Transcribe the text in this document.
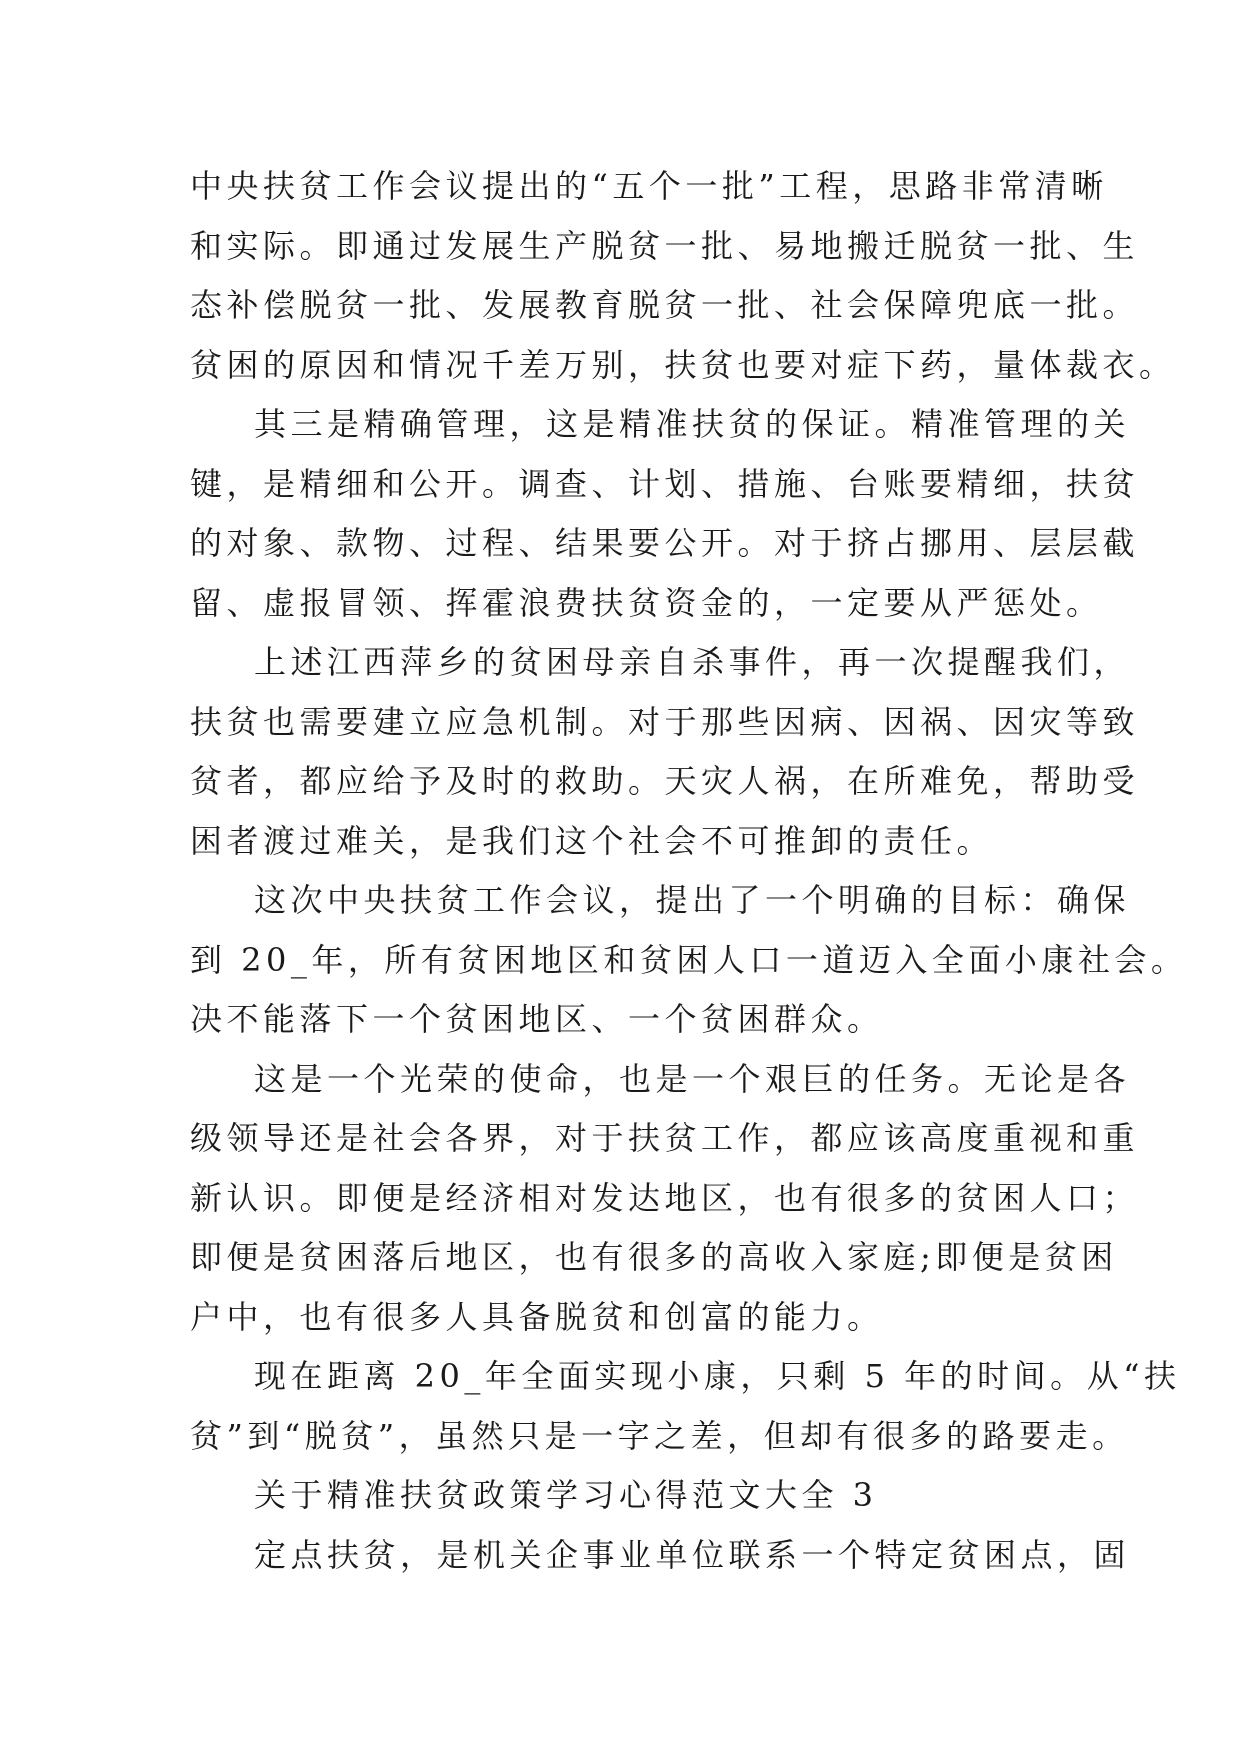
中央扶贫工作会议提出的“五个一批”工程，思路非常清晰
和实际。即通过发展生产脱贫一批、易地搬迁脱贫一批、生
态补偿脱贫一批、发展教育脱贫一批、社会保障兜底一批。
贫困的原因和情况千差万别，扶贫也要对症下药，量体裁衣。
其三是精确管理，这是精准扶贫的保证。精准管理的关
键，是精细和公开。调查、计划、措施、台账要精细，扶贫
的对象、款物、过程、结果要公开。对于挤占挪用、层层截
留、虚报冒领、挥霍浪费扶贫资金的，一定要从严惩处。
上述江西萍乡的贫困母亲自杀事件，再一次提醒我们，
扶贫也需要建立应急机制。对于那些因病、因祸、因灾等致
贫者，都应给予及时的救助。天灾人祸，在所难免，帮助受
困者渡过难关，是我们这个社会不可推卸的责任。
这次中央扶贫工作会议，提出了一个明确的目标：确保
到 20_年，所有贫困地区和贫困人口一道迈入全面小康社会。
决不能落下一个贫困地区、一个贫困群众。
这是一个光荣的使命，也是一个艰巨的任务。无论是各
级领导还是社会各界，对于扶贫工作，都应该高度重视和重
新认识。即便是经济相对发达地区，也有很多的贫困人口；
即便是贫困落后地区，也有很多的高收入家庭;即便是贫困
户中，也有很多人具备脱贫和创富的能力。
现在距离 20_年全面实现小康，只剩 5 年的时间。从“扶
贫”到“脱贫”，虽然只是一字之差，但却有很多的路要走。
关于精准扶贫政策学习心得范文大全 3
定点扶贫，是机关企事业单位联系一个特定贫困点，固
